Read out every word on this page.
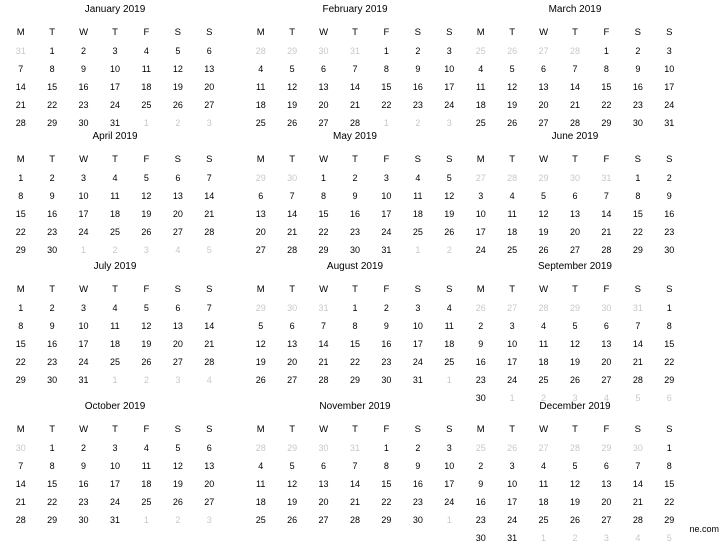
January 2019
M	T	W	T	F	S	S
31	1	2	3	4	5	6
7	8	9	10	11	12	13
14	15	16	17	18	19	20
21	22	23	24	25	26	27
28	29	30	31	1	2	3
February 2019
M	T	W	T	F	S	S
28	29	30	31	1	2	3
4	5	6	7	8	9	10
11	12	13	14	15	16	17
18	19	20	21	22	23	24
25	26	27	28	1	2	3
March 2019
M	T	W	T	F	S	S
25	26	27	28	1	2	3
4	5	6	7	8	9	10
11	12	13	14	15	16	17
18	19	20	21	22	23	24
25	26	27	28	29	30	31
April 2019
M	T	W	T	F	S	S
1	2	3	4	5	6	7
8	9	10	11	12	13	14
15	16	17	18	19	20	21
22	23	24	25	26	27	28
29	30	1	2	3	4	5
May 2019
M	T	W	T	F	S	S
29	30	1	2	3	4	5
6	7	8	9	10	11	12
13	14	15	16	17	18	19
20	21	22	23	24	25	26
27	28	29	30	31	1	2
June 2019
M	T	W	T	F	S	S
27	28	29	30	31	1	2
3	4	5	6	7	8	9
10	11	12	13	14	15	16
17	18	19	20	21	22	23
24	25	26	27	28	29	30
July 2019
M	T	W	T	F	S	S
1	2	3	4	5	6	7
8	9	10	11	12	13	14
15	16	17	18	19	20	21
22	23	24	25	26	27	28
29	30	31	1	2	3	4
August 2019
M	T	W	T	F	S	S
29	30	31	1	2	3	4
5	6	7	8	9	10	11
12	13	14	15	16	17	18
19	20	21	22	23	24	25
26	27	28	29	30	31	1
September 2019
M	T	W	T	F	S	S
26	27	28	29	30	31	1
2	3	4	5	6	7	8
9	10	11	12	13	14	15
16	17	18	19	20	21	22
23	24	25	26	27	28	29
30	1	2	3	4	5	6
October 2019
M	T	W	T	F	S	S
30	1	2	3	4	5	6
7	8	9	10	11	12	13
14	15	16	17	18	19	20
21	22	23	24	25	26	27
28	29	30	31	1	2	3
November 2019
M	T	W	T	F	S	S
28	29	30	31	1	2	3
4	5	6	7	8	9	10
11	12	13	14	15	16	17
18	19	20	21	22	23	24
25	26	27	28	29	30	1
December 2019
M	T	W	T	F	S	S
25	26	27	28	29	30	1
2	3	4	5	6	7	8
9	10	11	12	13	14	15
16	17	18	19	20	21	22
23	24	25	26	27	28	29
30	31	1	2	3	4	5
ne.com
